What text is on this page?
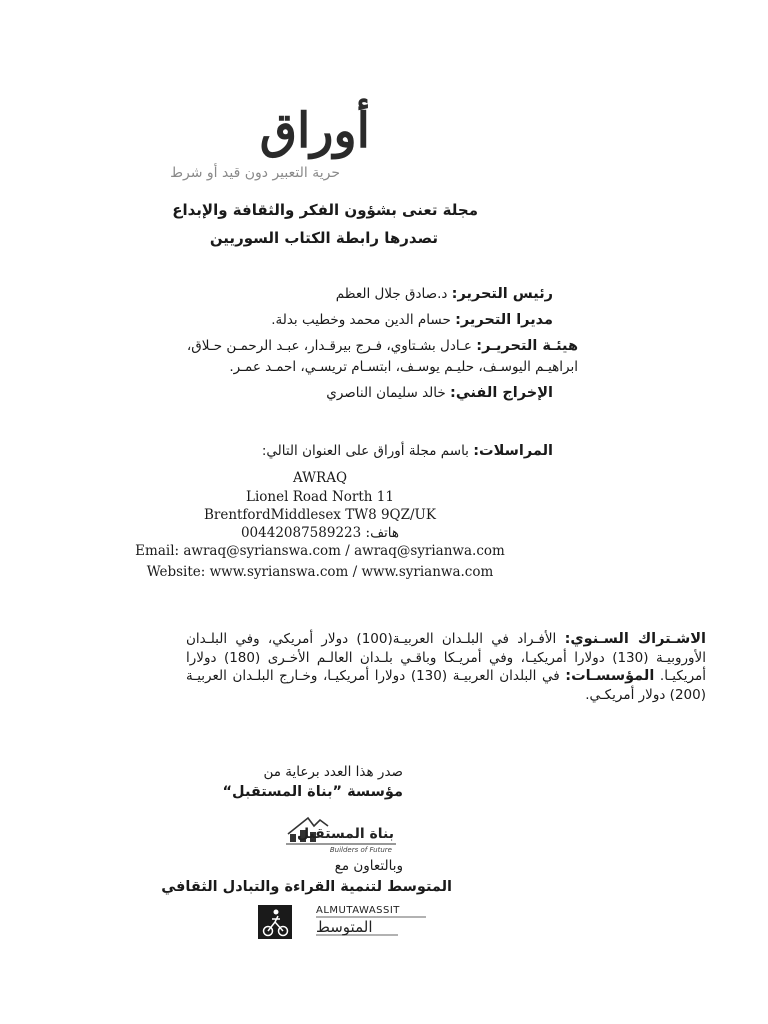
أوراق
حرية التعبير دون قيد أو شرط
مجلة تعنى بشؤون الفكر والثقافة والإبداع
تصدرها رابطة الكتاب السوريين
رئيس التحرير: د.صادق جلال العظم
مديرا التحرير: حسام الدين محمد وخطيب بدلة.
هيئـة التحريـر: عـادل بشـتاوي، فـرج بيرقـدار، عبـد الرحمـن حـلاق،
ابراهيـم اليوسـف، حليـم يوسـف، ابتسـام تريسـي، احمـد عمـر.
الإخراج الفني: خالد سليمان الناصري
المراسلات: باسم مجلة أوراق على العنوان التالي:
AWRAQ
Lionel Road North 11
BrentfordMiddlesex TW8 9QZ/UK
00442087589223 :هاتف
Email: awraq@syrianswa.com / awraq@syrianwa.com
Website: www.syrianswa.com / www.syrianwa.com
الاشـتراك السـنوي: الأفـراد في البلـدان العربيـة(100) دولار أمريكي، وفي البلـدان الأوروبيـة (130) دولارا أمريكيـا، وفي أمريـكا وباقـي بلـدان العالـم الأخـرى (180) دولارا أمريكيـا. المؤسسـات: في البلدان العربيـة (130) دولارا أمريكيـا، وخـارج البلـدان العربيـة (200) دولار أمريكـي.
صدر هذا العدد برعاية من
مؤسسة ”بناة المستقبل“
بناة المستقبل
Builders of Future
وبالتعاون مع
المتوسط لتنمية القراءة والتبادل الثقافي
ALMUTAWASSIT
المتوسط
